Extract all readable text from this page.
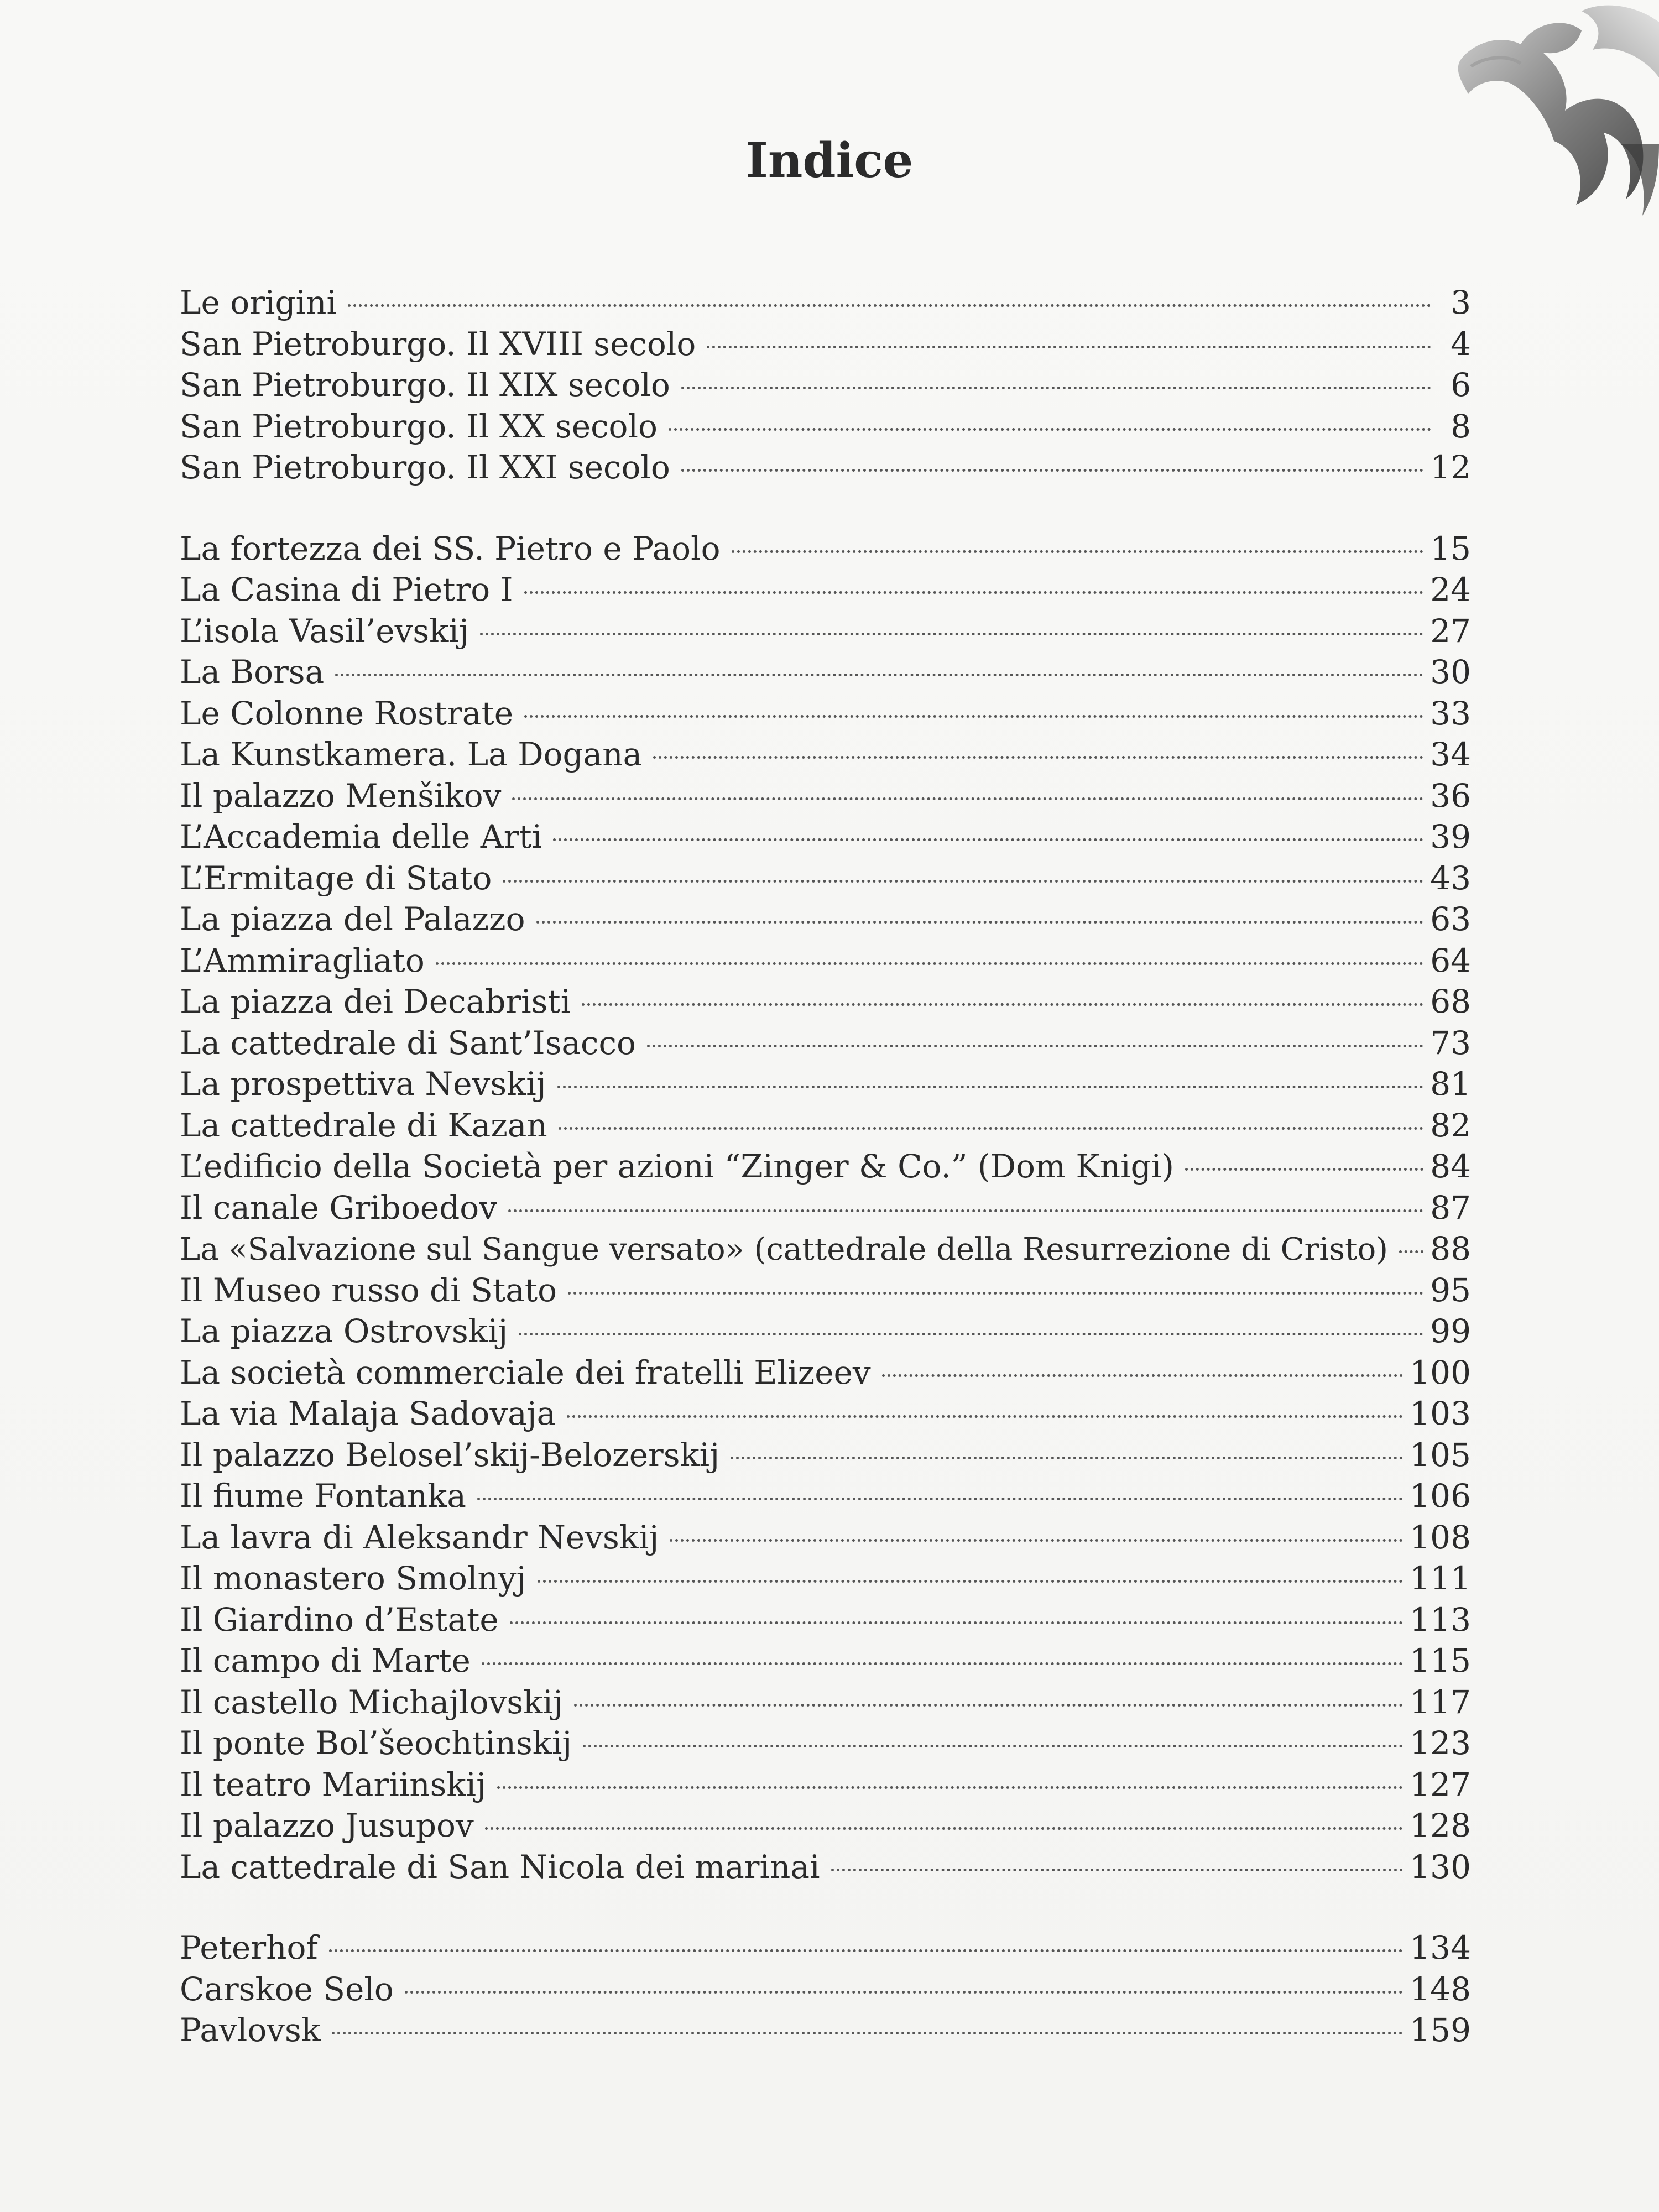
Indice
Le origini	3
San Pietroburgo. Il XVIII secolo	4
San Pietroburgo. Il XIX secolo	6
San Pietroburgo. Il XX secolo	8
San Pietroburgo. Il XXI secolo	12
La fortezza dei SS. Pietro e Paolo	15
La Casina di Pietro I	24
L’isola Vasil’evskij	27
La Borsa	30
Le Colonne Rostrate	33
La Kunstkamera. La Dogana	34
Il palazzo Menšikov	36
L’Accademia delle Arti	39
L’Ermitage di Stato	43
La piazza del Palazzo	63
L’Ammiragliato	64
La piazza dei Decabristi	68
La cattedrale di Sant’Isacco	73
La prospettiva Nevskij	81
La cattedrale di Kazan	82
L’edificio della Società per azioni “Zinger & Co.” (Dom Knigi)	84
Il canale Griboedov	87
La «Salvazione sul Sangue versato» (cattedrale della Resurrezione di Cristo) 88
Il Museo russo di Stato	95
La piazza Ostrovskij	99
La società commerciale dei fratelli Elizeev	100
La via Malaja Sadovaja	103
Il palazzo Belosel’skij-Belozerskij	105
Il fiume Fontanka	106
La lavra di Aleksandr Nevskij	108
Il monastero Smolnyj	111
Il Giardino d’Estate	113
Il campo di Marte	115
Il castello Michajlovskij	117
Il ponte Bol’šeochtinskij	123
Il teatro Mariinskij	127
Il palazzo Jusupov	128
La cattedrale di San Nicola dei marinai	130
Peterhof	134
Carskoe Selo	148
Pavlovsk	159
